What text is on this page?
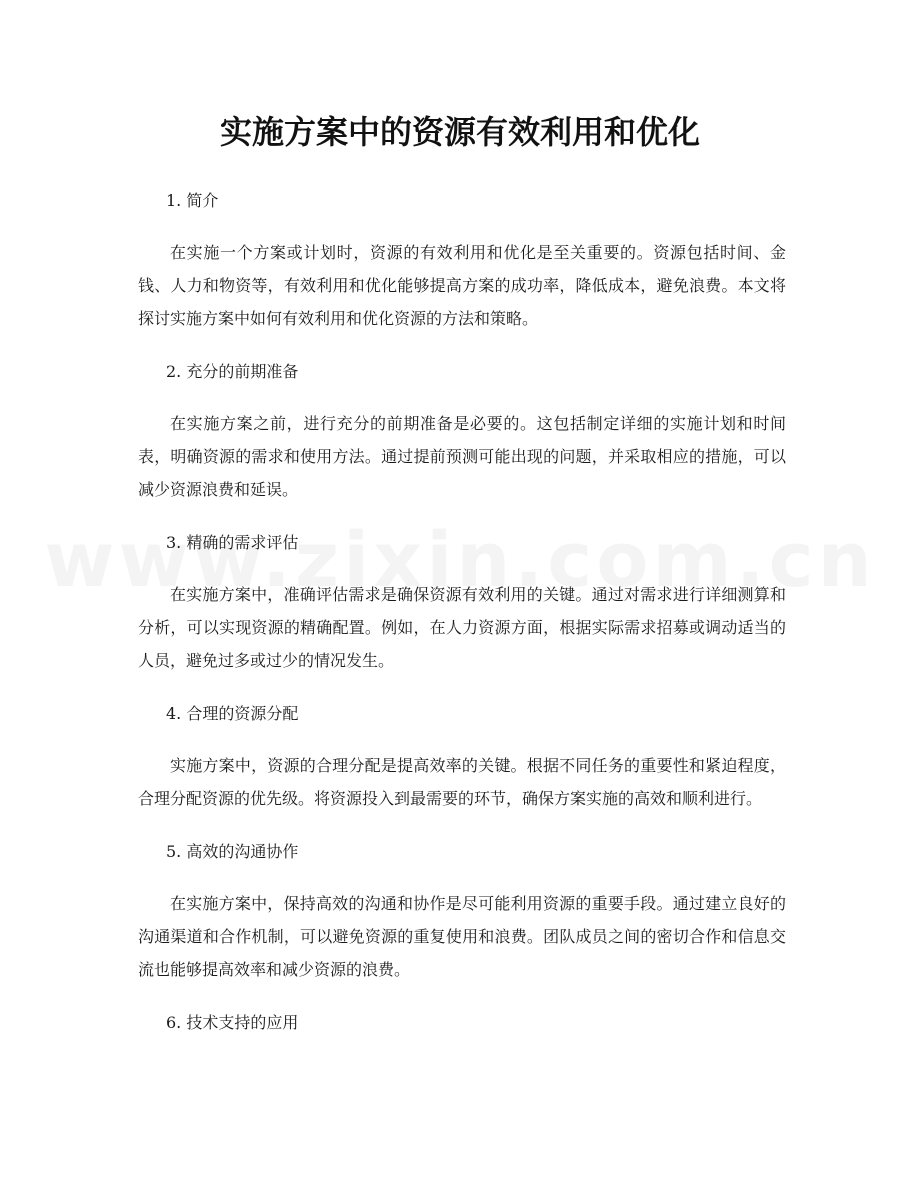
实施方案中的资源有效利用和优化

1. 简介

在实施一个方案或计划时，资源的有效利用和优化是至关重要的。资源包括时间、金钱、人力和物资等，有效利用和优化能够提高方案的成功率，降低成本，避免浪费。本文将探讨实施方案中如何有效利用和优化资源的方法和策略。

2. 充分的前期准备

在实施方案之前，进行充分的前期准备是必要的。这包括制定详细的实施计划和时间表，明确资源的需求和使用方法。通过提前预测可能出现的问题，并采取相应的措施，可以减少资源浪费和延误。

3. 精确的需求评估

在实施方案中，准确评估需求是确保资源有效利用的关键。通过对需求进行详细测算和分析，可以实现资源的精确配置。例如，在人力资源方面，根据实际需求招募或调动适当的人员，避免过多或过少的情况发生。

4. 合理的资源分配

实施方案中，资源的合理分配是提高效率的关键。根据不同任务的重要性和紧迫程度，合理分配资源的优先级。将资源投入到最需要的环节，确保方案实施的高效和顺利进行。

5. 高效的沟通协作

在实施方案中，保持高效的沟通和协作是尽可能利用资源的重要手段。通过建立良好的沟通渠道和合作机制，可以避免资源的重复使用和浪费。团队成员之间的密切合作和信息交流也能够提高效率和减少资源的浪费。

6. 技术支持的应用
